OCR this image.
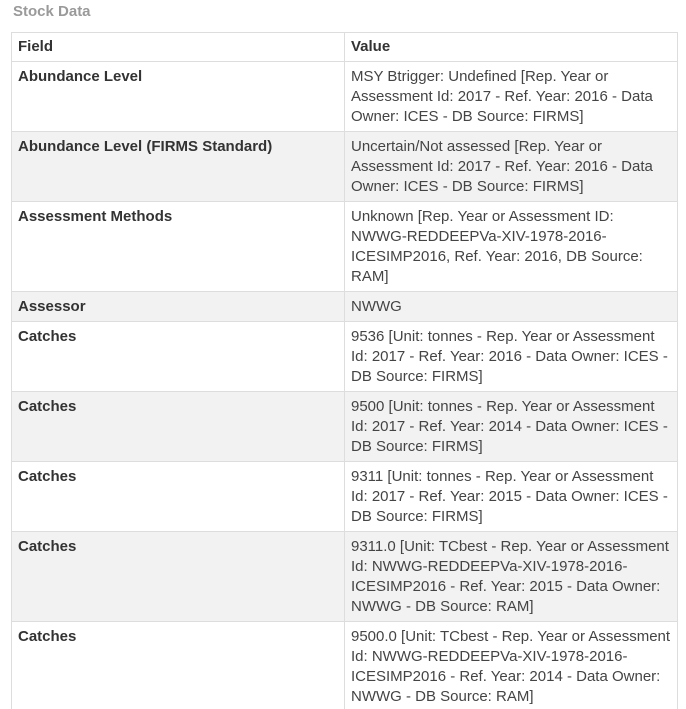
Stock Data
Field	Value
Abundance Level	MSY Btrigger: Undefined [Rep. Year or Assessment Id: 2017 - Ref. Year: 2016 - Data Owner: ICES - DB Source: FIRMS]
Abundance Level (FIRMS Standard)	Uncertain/Not assessed [Rep. Year or Assessment Id: 2017 - Ref. Year: 2016 - Data Owner: ICES - DB Source: FIRMS]
Assessment Methods	Unknown [Rep. Year or Assessment ID: NWWG-REDDEEPVa-XIV-1978-2016-ICESIMP2016, Ref. Year: 2016, DB Source: RAM]
Assessor	NWWG
Catches	9536 [Unit: tonnes - Rep. Year or Assessment Id: 2017 - Ref. Year: 2016 - Data Owner: ICES - DB Source: FIRMS]
Catches	9500 [Unit: tonnes - Rep. Year or Assessment Id: 2017 - Ref. Year: 2014 - Data Owner: ICES - DB Source: FIRMS]
Catches	9311 [Unit: tonnes - Rep. Year or Assessment Id: 2017 - Ref. Year: 2015 - Data Owner: ICES - DB Source: FIRMS]
Catches	9311.0 [Unit: TCbest - Rep. Year or Assessment Id: NWWG-REDDEEPVa-XIV-1978-2016-ICESIMP2016 - Ref. Year: 2015 - Data Owner: NWWG - DB Source: RAM]
Catches	9500.0 [Unit: TCbest - Rep. Year or Assessment Id: NWWG-REDDEEPVa-XIV-1978-2016-ICESIMP2016 - Ref. Year: 2014 - Data Owner: NWWG - DB Source: RAM]
